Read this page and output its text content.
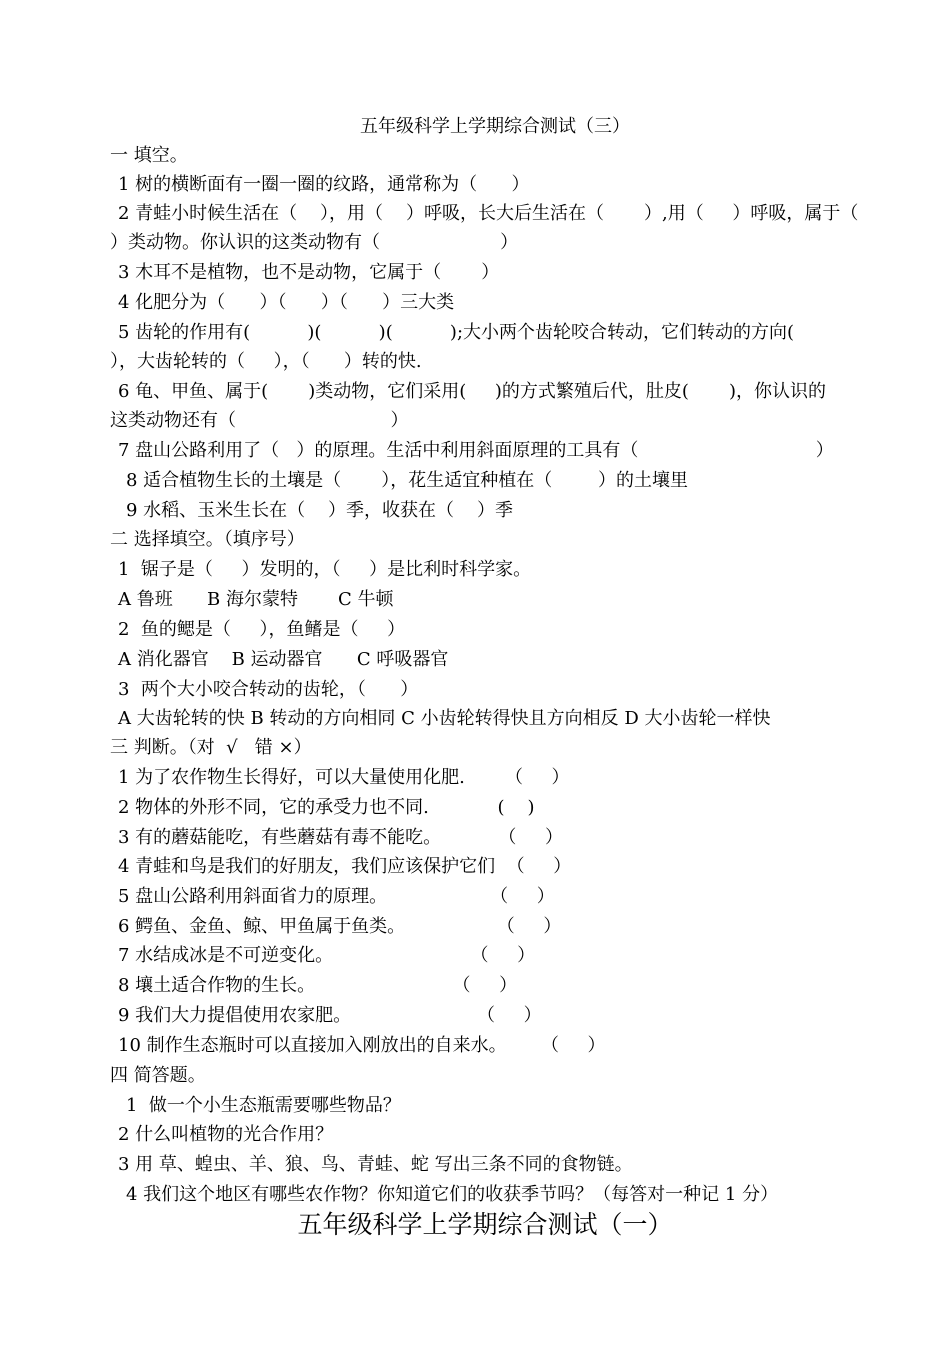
五年级科学上学期综合测试（三）
一 填空。
1 树的横断面有一圈一圈的纹路，通常称为（      ）
2 青蛙小时候生活在（    ），用（    ）呼吸，长大后生活在（       ）,用（     ）呼吸，属于（
）类动物。你认识的这类动物有（                     ）
3 木耳不是植物，也不是动物，它属于（       ）
4 化肥分为（      ）（      ）（      ）三大类
5 齿轮的作用有(          )(          )(          );大小两个齿轮咬合转动，它们转动的方向(
），大齿轮转的（     ），（      ）转的快.
6 龟、甲鱼、属于(       )类动物，它们采用(     )的方式繁殖后代，肚皮(       )，你认识的
这类动物还有（                           ）
7 盘山公路利用了（   ）的原理。生活中利用斜面原理的工具有（                               ）
8 适合植物生长的土壤是（       ），花生适宜种植在（        ）的土壤里
9 水稻、玉米生长在（    ）季，收获在（    ）季
二 选择填空。（填序号）
1  锯子是（     ）发明的，（     ）是比利时科学家。
A 鲁班      B 海尔蒙特       C 牛顿
2  鱼的鳃是（     ），鱼鳍是（     ）
A 消化器官    B 运动器官      C 呼吸器官
3  两个大小咬合转动的齿轮，（      ）
A 大齿轮转的快 B 转动的方向相同 C 小齿轮转得快且方向相反 D 大小齿轮一样快
三 判断。（对  √   错 ×）
1 为了农作物生长得好，可以大量使用化肥.       （     ）
2 物体的外形不同，它的承受力也不同.            (    )
3 有的蘑菇能吃，有些蘑菇有毒不能吃。          （     ）
4 青蛙和鸟是我们的好朋友，我们应该保护它们  （     ）
5 盘山公路利用斜面省力的原理。                  （     ）
6 鳄鱼、金鱼、鲸、甲鱼属于鱼类。                （     ）
7 水结成冰是不可逆变化。                        （     ）
8 壤土适合作物的生长。                        （     ）
9 我们大力提倡使用农家肥。                      （     ）
10 制作生态瓶时可以直接加入刚放出的自来水。      （     ）
四 简答题。
1  做一个小生态瓶需要哪些物品？
2 什么叫植物的光合作用？
3 用 草、蝗虫、羊、狼、鸟、青蛙、蛇 写出三条不同的食物链。
4 我们这个地区有哪些农作物？你知道它们的收获季节吗？（每答对一种记 1 分）
五年级科学上学期综合测试（一）
